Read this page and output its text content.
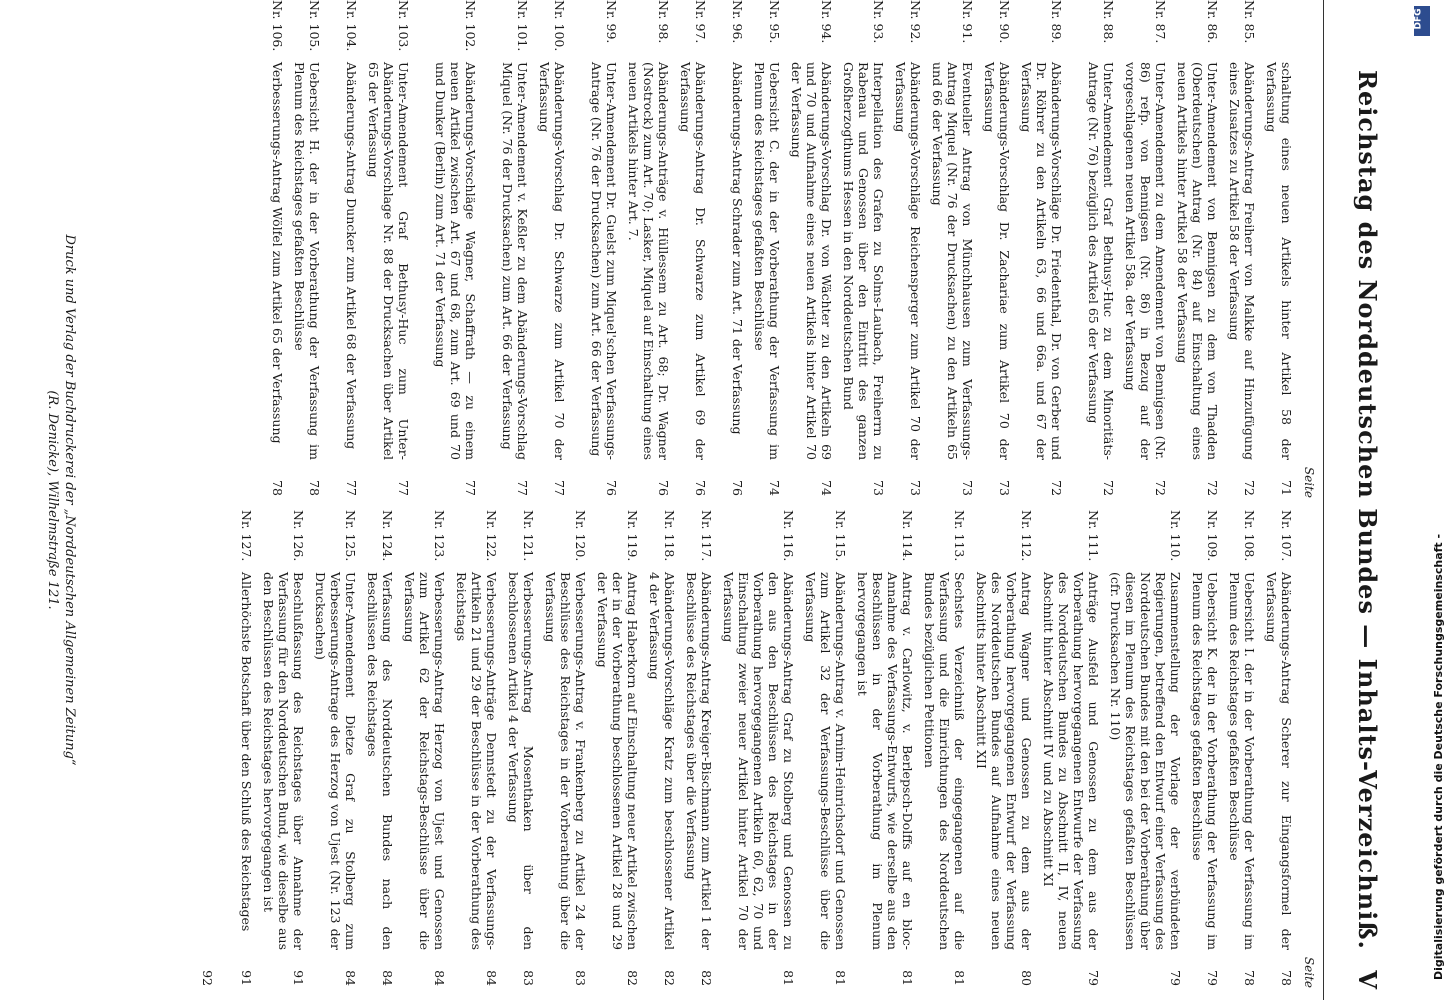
Reichstag des Norddeutschen Bundes — Inhalts-Verzeichniß.
V
Seite
schaltung eines neuen Artikels hinter Artikel 58 der Verfassung
71
Nr. 85.
Abänderungs-Antrag Freiherr von Malkke auf Hinzufügung eines Zusatzes zu Artikel 58 der Verfassung
72
Nr. 86.
Unter-Amendement von Bennigsen zu dem von Thadden (Oberdeutschen) Antrag (Nr. 84) auf Einschaltung eines neuen Artikels hinter Artikel 58 der Verfassung
72
Nr. 87.
Unter-Amendement zu dem Amendement von Bennigsen (Nr. 86) refp. von Bennigsen (Nr. 86) in Bezug auf der vorgeschlagenen neuen Artikel 58a. der Verfassung
72
Nr. 88.
Unter-Amendement Graf Bethusy-Huc zu dem Minoritäts-Antrage (Nr. 76) bezüglich des Artikel 65 der Verfassung
72
Nr. 89.
Abänderungs-Vorschläge Dr. Friedenthal, Dr. von Gerber und Dr. Röhrer zu den Artikeln 63, 66 und 66a. und 67 der Verfassung
72
Nr. 90.
Abänderungs-Vorschlag Dr. Zachariae zum Artikel 70 der Verfassung
73
Nr. 91.
Eventueller Antrag von Münchhausen zum Verfassungs-Antrag Miquel (Nr. 76 der Drucksachen) zu den Artikeln 65 und 66 der Verfassung
73
Nr. 92.
Abänderungs-Vorschläge Reichensperger zum Artikel 70 der Verfassung
73
Nr. 93.
Interpellation des Grafen zu Solms-Laubach, Freiherrn zu Rabenau und Genossen über den Eintritt des ganzen Großherzogthums Hessen in den Norddeutschen Bund
73
Nr. 94.
Abänderungs-Vorschlag Dr. von Wächter zu den Artikeln 69 und 70 und Aufnahme eines neuen Artikels hinter Artikel 70 der Verfassung
74
Nr. 95.
Uebersicht C. der in der Vorberathung der Verfassung im Plenum des Reichstages gefaßten Beschlüsse
74
Nr. 96.
Abänderungs-Antrag Schrader zum Art. 71 der Verfassung
76
Nr. 97.
Abänderungs-Antrag Dr. Schwarze zum Artikel 69 der Verfassung
76
Nr. 98.
Abänderungs-Anträge v. Hüllessem zu Art. 68; Dr. Wagner (Nostrock) zum Art. 70; Lasker, Miquel auf Einschaltung eines neuen Artikels hinter Art. 7.
76
Nr. 99.
Unter-Amendement Dr. Guelst zum Miquel'schen Verfassungs-Antrage (Nr. 76 der Drucksachen) zum Art. 66 der Verfassung
76
Nr. 100.
Abänderungs-Vorschlag Dr. Schwarze zum Artikel 70 der Verfassung
77
Nr. 101.
Unter-Amendement v. Keßler zu dem Abänderungs-Vorschlag Miquel (Nr. 76 der Drucksachen) zum Art. 66 der Verfassung
77
Nr. 102.
Abänderungs-Vorschläge Wagner, Schaffrath — zu einem neuen Artikel zwischen Art. 67 und 68, zum Art. 69 und 70 und Dunker (Berlin) zum Art. 71 der Verfassung
77
Nr. 103.
Unter-Amendement Graf Bethusy-Huc zum Unter-Abänderungs-Vorschlage Nr. 88 der Drucksachen über Artikel 65 der Verfassung
77
Nr. 104.
Abänderungs-Antrag Duncker zum Artikel 68 der Verfassung
77
Nr. 105.
Uebersicht H. der in der Vorberathung der Verfassung im Plenum des Reichstages gefaßten Beschlüsse
78
Nr. 106.
Verbesserungs-Antrag Wölfel zum Artikel 65 der Verfassung
78
Seite
Nr. 107.
Abänderungs-Antrag Scherer zur Eingangsformel der Verfassung
78
Nr. 108.
Uebersicht I. der in der Vorberathung der Verfassung im Plenum des Reichstages gefaßten Beschlüsse
78
Nr. 109.
Uebersicht K. der in der Vorberathung der Verfassung im Plenum des Reichstages gefaßten Beschlüsse
79
Nr. 110.
Zusammenstellung der Vorlage der verbündeten Regierungen, betreffend den Entwurf einer Verfassung des Norddeutschen Bundes mit den bei der Vorberathung über diesen im Plenum des Reichstages gefaßten Beschlüssen (cfr. Drucksachen Nr. 110)
79
Nr. 111.
Anträge Ausfeld und Genossen zu dem aus der Vorberathung hervorgegangenen Entwurfe der Verfassung des Norddeutschen Bundes zu Abschnitt II, IV, neuen Abschnitt hinter Abschnitt IV und zu Abschnitt XI
79
Nr. 112.
Antrag Wagner und Genossen zu dem aus der Vorberathung hervorgegangenen Entwurf der Verfassung des Norddeutschen Bundes auf Aufnahme eines neuen Abschnitts hinter Abschnitt XII
80
Nr. 113.
Sechstes Verzeichniß der eingegangenen auf die Verfassung und die Einrichtungen des Norddeutschen Bundes bezüglichen Petitionen
81
Nr. 114.
Antrag v. Carlowitz, v. Berlepsch-Dolffs auf en bloc-Annahme des Verfassungs-Entwurfs, wie derselbe aus den Beschlüssen in der Vorberathung im Plenum hervorgegangen ist
81
Nr. 115.
Abänderungs-Antrag v. Arnim-Heinrichsdorf und Genossen zum Artikel 32 der Verfassungs-Beschlüsse über die Verfassung
81
Nr. 116.
Abänderungs-Antrag Graf zu Stolberg und Genossen zu den aus den Beschlüssen des Reichstages in der Vorberathung hervorgegangenen Artikeln 60, 62, 70 und Einschaltung zweier neuer Artikel hinter Artikel 70 der Verfassung
81
Nr. 117.
Abänderungs-Antrag Kreiger-Bischmann zum Artikel 1 der Beschlüsse des Reichstages über die Verfassung
82
Nr. 118.
Abänderungs-Vorschläge Kratz zum beschlossener Artikel 4 der Verfassung
82
Nr. 119.
Antrag Haberkorn auf Einschaltung neuer Artikel zwischen der in der Vorberathung beschlossenen Artikel 28 und 29 der Verfassung
82
Nr. 120.
Verbesserungs-Antrag v. Frankenberg zu Artikel 24 der Beschlüsse des Reichstages in der Vorberathung über die Verfassung
83
Nr. 121.
Verbesserungs-Antrag Mosenthaken über den beschlossenen Artikel 4 der Verfassung
83
Nr. 122.
Verbesserungs-Anträge Dennstedt zu der Verfassungs-Artikeln 21 und 29 der Beschlüsse in der Vorberathung des Reichstags
84
Nr. 123.
Verbesserungs-Antrag Herzog von Ujest und Genossen zum Artikel 62 der Reichstags-Beschlüsse über die Verfassung
84
Nr. 124.
Verfassung des Norddeutschen Bundes nach den Beschlüssen des Reichstages
84
Nr. 125.
Unter-Amendement Dietze Graf zu Stolberg zum Verbesserungs-Antrage des Herzog von Ujest (Nr. 123 der Drucksachen)
84
Nr. 126.
Beschlußfassung des Reichstages über Annahme der Verfassung für den Norddeutschen Bund, wie dieselbe aus den Beschlüssen des Reichstages hervorgegangen ist
91
Nr. 127.
Allerhöchste Botschaft über den Schluß des Reichstages
91
92
Druck und Verlag der Buchdruckerei der „Norddeutschen Allgemeinen Zeitung“
(R. Denicke), Wilhelmstraße 121.
DFG
Digitalisierung gefördert durch die Deutsche Forschungsgemeinschaft -
